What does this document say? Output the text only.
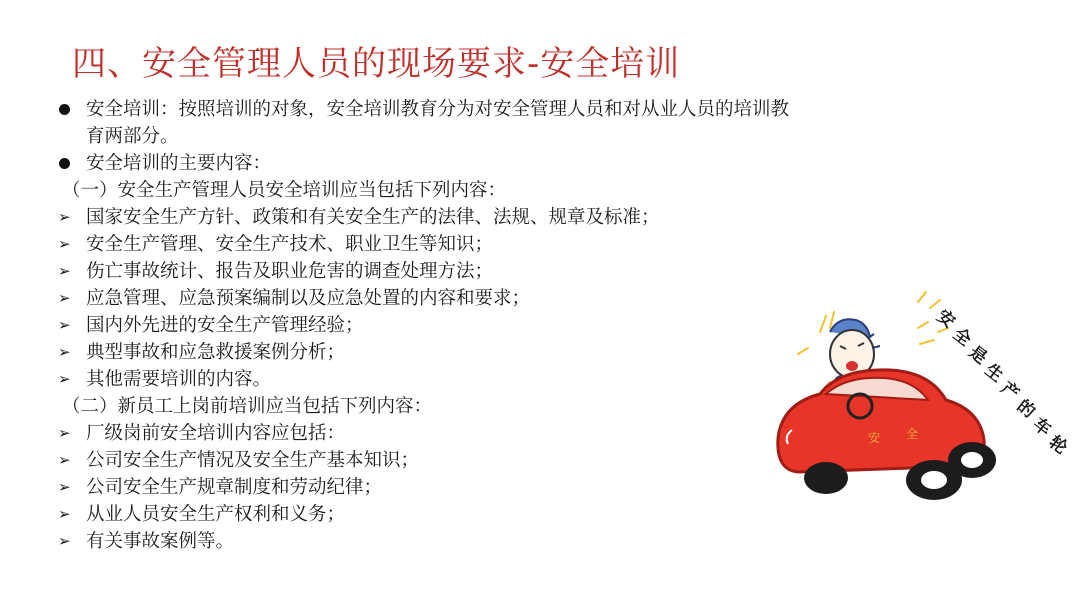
四、安全管理人员的现场要求-安全培训
安全培训：按照培训的对象，安全培训教育分为对安全管理人员和对从业人员的培训教育两部分。
安全培训的主要内容：
（一）安全生产管理人员安全培训应当包括下列内容：
➢ 国家安全生产方针、政策和有关安全生产的法律、法规、规章及标准；
➢ 安全生产管理、安全生产技术、职业卫生等知识；
➢ 伤亡事故统计、报告及职业危害的调查处理方法；
➢ 应急管理、应急预案编制以及应急处置的内容和要求；
➢ 国内外先进的安全生产管理经验；
➢ 典型事故和应急救援案例分析；
➢ 其他需要培训的内容。
（二）新员工上岗前培训应当包括下列内容：
➢ 厂级岗前安全培训内容应包括：
➢ 公司安全生产情况及安全生产基本知识；
➢ 公司安全生产规章制度和劳动纪律；
➢ 从业人员安全生产权利和义务；
➢ 有关事故案例等。
安 全
安
全
是
生
产
的
车
轮
